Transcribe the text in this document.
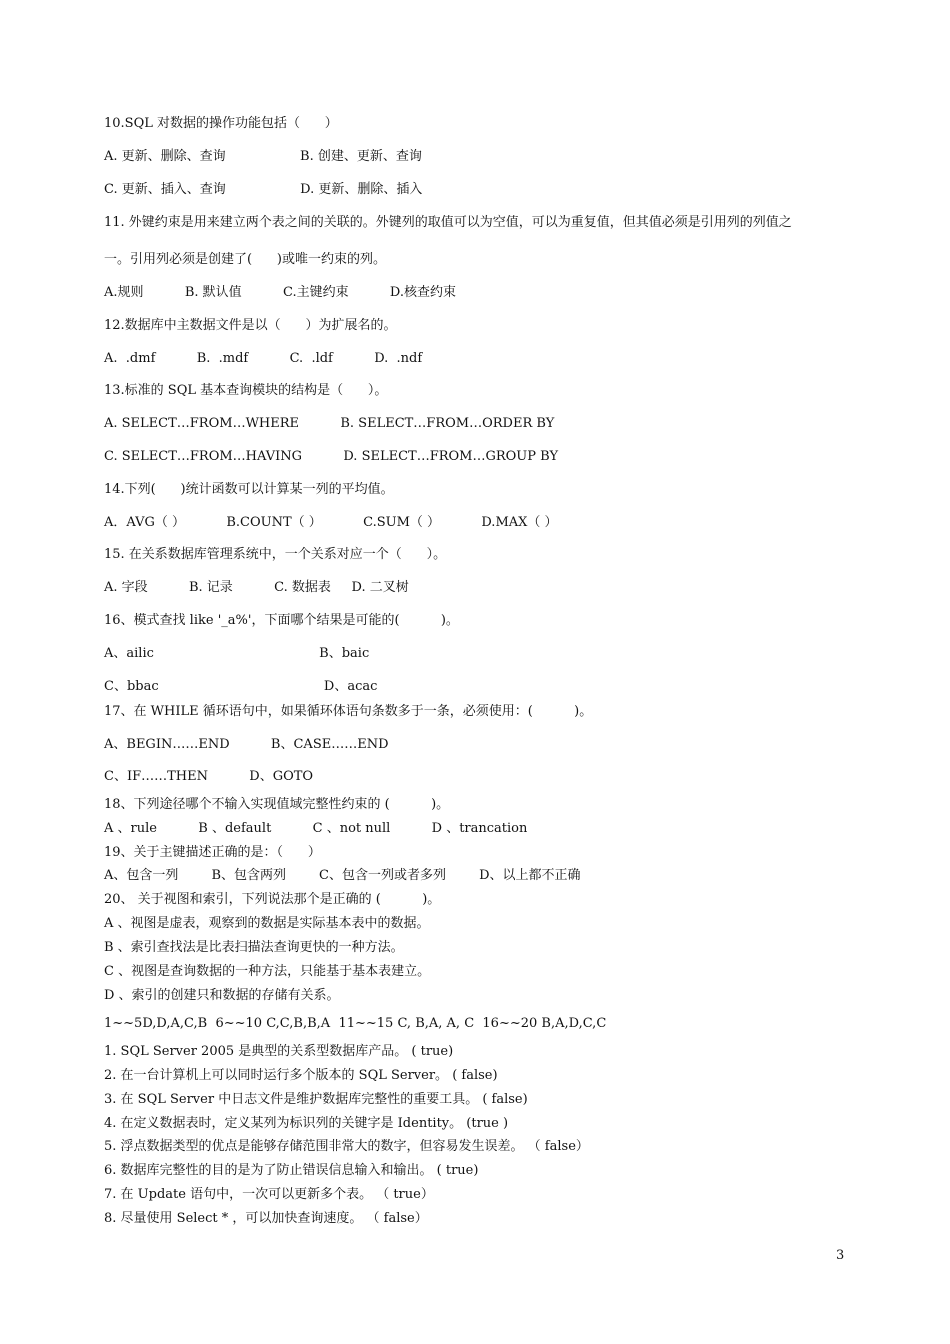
10.SQL 对数据的操作功能包括（      ）
A. 更新、删除、查询                  B. 创建、更新、查询
C. 更新、插入、查询                  D. 更新、删除、插入
11. 外键约束是用来建立两个表之间的关联的。外键列的取值可以为空值，可以为重复值，但其值必须是引用列的列值之
一。引用列必须是创建了(      )或唯一约束的列。
A.规则          B. 默认值          C.主键约束          D.核查约束
12.数据库中主数据文件是以（      ）为扩展名的。
A.  .dmf          B.  .mdf          C.  .ldf          D.  .ndf
13.标准的 SQL 基本查询模块的结构是（      ）。
A. SELECT…FROM…WHERE          B. SELECT…FROM…ORDER BY
C. SELECT…FROM…HAVING          D. SELECT…FROM…GROUP BY
14.下列(      )统计函数可以计算某一列的平均值。
A．AVG（ ）          B.COUNT（ ）          C.SUM（ ）          D.MAX（ ）
15. 在关系数据库管理系统中，一个关系对应一个（      ）。
A. 字段          B. 记录          C. 数据表     D. 二叉树
16、模式查找 like '_a%'，下面哪个结果是可能的(          )。
A、ailic                                        B、baic
C、bbac                                        D、acac
17、在 WHILE 循环语句中，如果循环体语句条数多于一条，必须使用：(          )。
A、BEGIN……END          B、CASE……END
C、IF……THEN          D、GOTO
18、下列途径哪个不输入实现值域完整性约束的 (          )。
A 、rule          B 、default          C 、not null          D 、trancation
19、关于主键描述正确的是：（      ）
A、包含一列        B、包含两列        C、包含一列或者多列        D、以上都不正确
20、 关于视图和索引，下列说法那个是正确的 (          )。
A 、视图是虚表，观察到的数据是实际基本表中的数据。
B 、索引查找法是比表扫描法查询更快的一种方法。
C 、视图是查询数据的一种方法，只能基于基本表建立。
D 、索引的创建只和数据的存储有关系。
1~~5D,D,A,C,B  6~~10 C,C,B,B,A  11~~15 C, B,A, A, C  16~~20 B,A,D,C,C
1. SQL Server 2005 是典型的关系型数据库产品。 ( true)
2. 在一台计算机上可以同时运行多个版本的 SQL Server。 ( false)
3. 在 SQL Server 中日志文件是维护数据库完整性的重要工具。 ( false)
4. 在定义数据表时，定义某列为标识列的关键字是 Identity。 (true )
5. 浮点数据类型的优点是能够存储范围非常大的数字，但容易发生误差。 （ false）
6. 数据库完整性的目的是为了防止错误信息输入和输出。 ( true)
7. 在 Update 语句中，一次可以更新多个表。 （ true）
8. 尽量使用 Select * ，可以加快查询速度。 （ false）
3
